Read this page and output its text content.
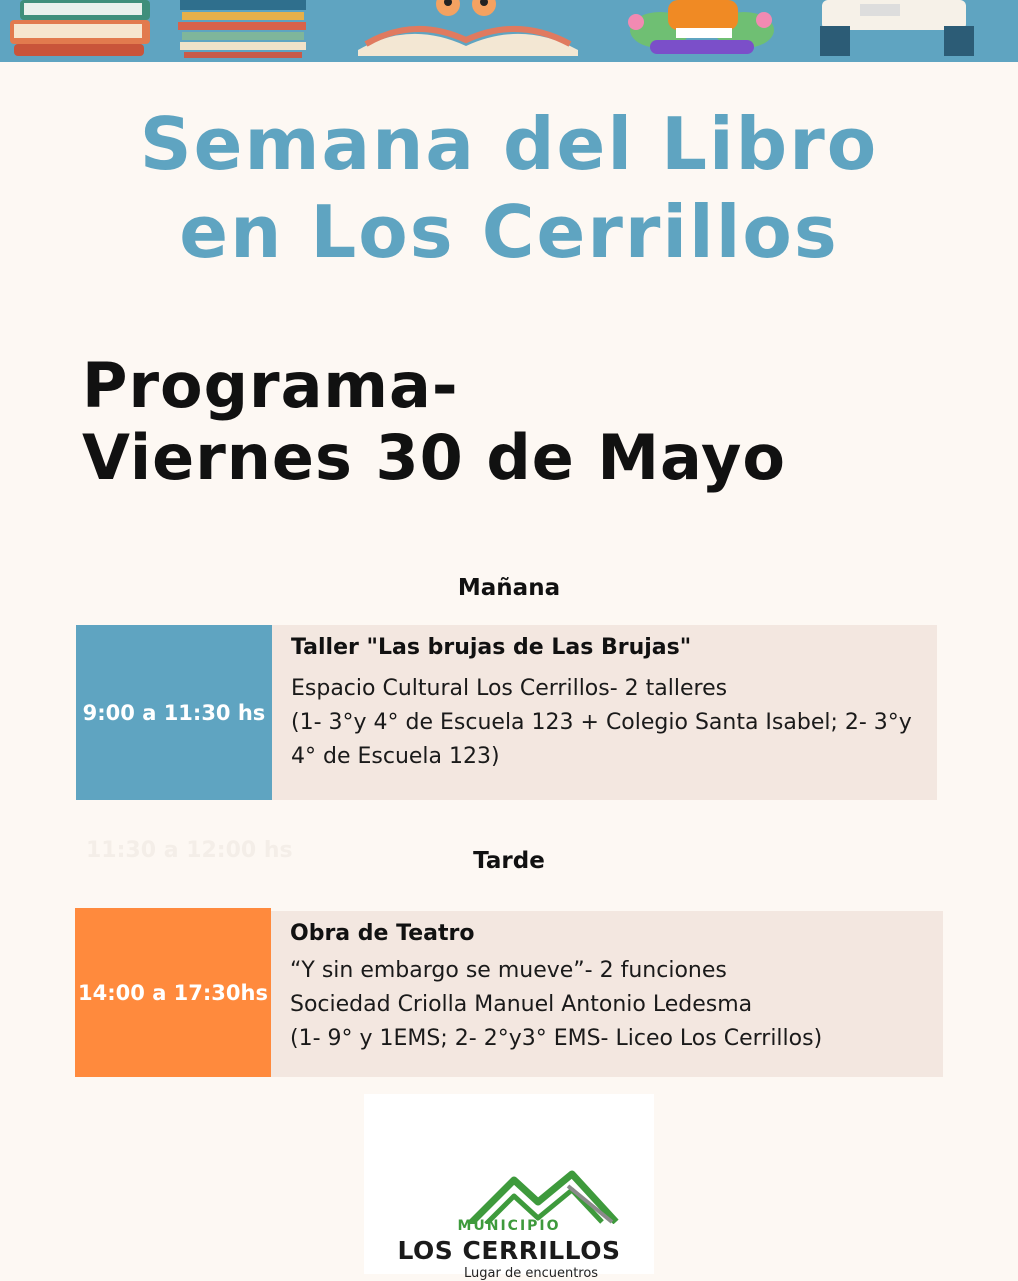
Semana del Libro
en Los Cerrillos
Programa-
Viernes 30 de Mayo
Mañana
9:00 a 11:30 hs
Taller "Las brujas de Las Brujas"
Espacio Cultural Los Cerrillos- 2 talleres
(1- 3°y 4° de Escuela 123 + Colegio Santa Isabel; 2- 3°y 4° de Escuela 123)
11:30 a 12:00 hs	Tarde
14:00 a 17:30hs
Obra de Teatro
“Y sin embargo se mueve”- 2 funciones
Sociedad Criolla Manuel Antonio Ledesma
(1- 9° y 1EMS; 2- 2°y3° EMS- Liceo Los Cerrillos)
MUNICIPIO
LOS CERRILLOS
Lugar de encuentros
